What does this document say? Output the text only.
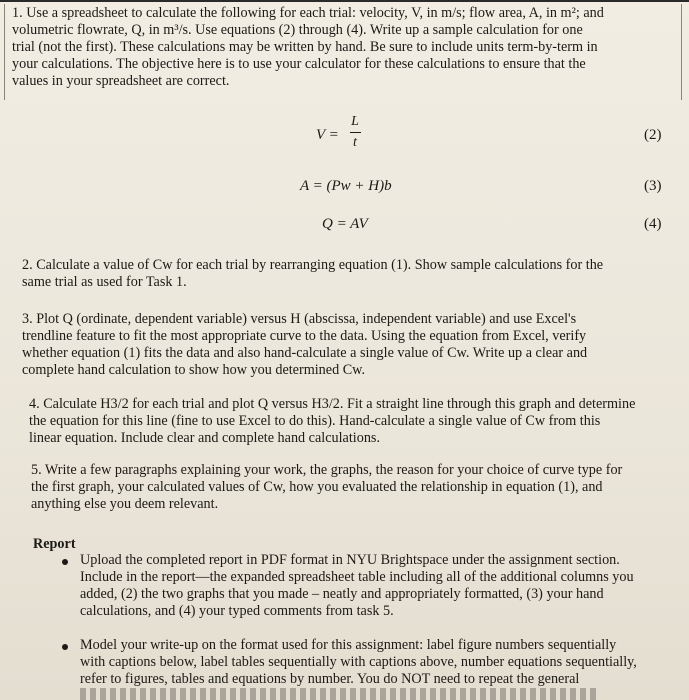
1. Use a spreadsheet to calculate the following for each trial: velocity, V, in m/s; flow area, A, in m²; and
volumetric flowrate, Q, in m³/s. Use equations (2) through (4). Write up a sample calculation for one
trial (not the first). These calculations may be written by hand. Be sure to include units term-by-term in
your calculations. The objective here is to use your calculator for these calculations to ensure that the
values in your spreadsheet are correct.
V =
L
t	(2)
A = (Pw + H)b	(3)
Q = AV	(4)
2. Calculate a value of Cw for each trial by rearranging equation (1). Show sample calculations for the
same trial as used for Task 1.
3. Plot Q (ordinate, dependent variable) versus H (abscissa, independent variable) and use Excel's
trendline feature to fit the most appropriate curve to the data. Using the equation from Excel, verify
whether equation (1) fits the data and also hand-calculate a single value of Cw. Write up a clear and
complete hand calculation to show how you determined Cw.
4. Calculate H3/2 for each trial and plot Q versus H3/2. Fit a straight line through this graph and determine
the equation for this line (fine to use Excel to do this). Hand-calculate a single value of Cw from this
linear equation. Include clear and complete hand calculations.
5. Write a few paragraphs explaining your work, the graphs, the reason for your choice of curve type for
the first graph, your calculated values of Cw, how you evaluated the relationship in equation (1), and
anything else you deem relevant.
Report
Upload the completed report in PDF format in NYU Brightspace under the assignment section.
Include in the report—the expanded spreadsheet table including all of the additional columns you
added, (2) the two graphs that you made – neatly and appropriately formatted, (3) your hand
calculations, and (4) your typed comments from task 5.
Model your write-up on the format used for this assignment: label figure numbers sequentially
with captions below, label tables sequentially with captions above, number equations sequentially,
refer to figures, tables and equations by number. You do NOT need to repeat the general
